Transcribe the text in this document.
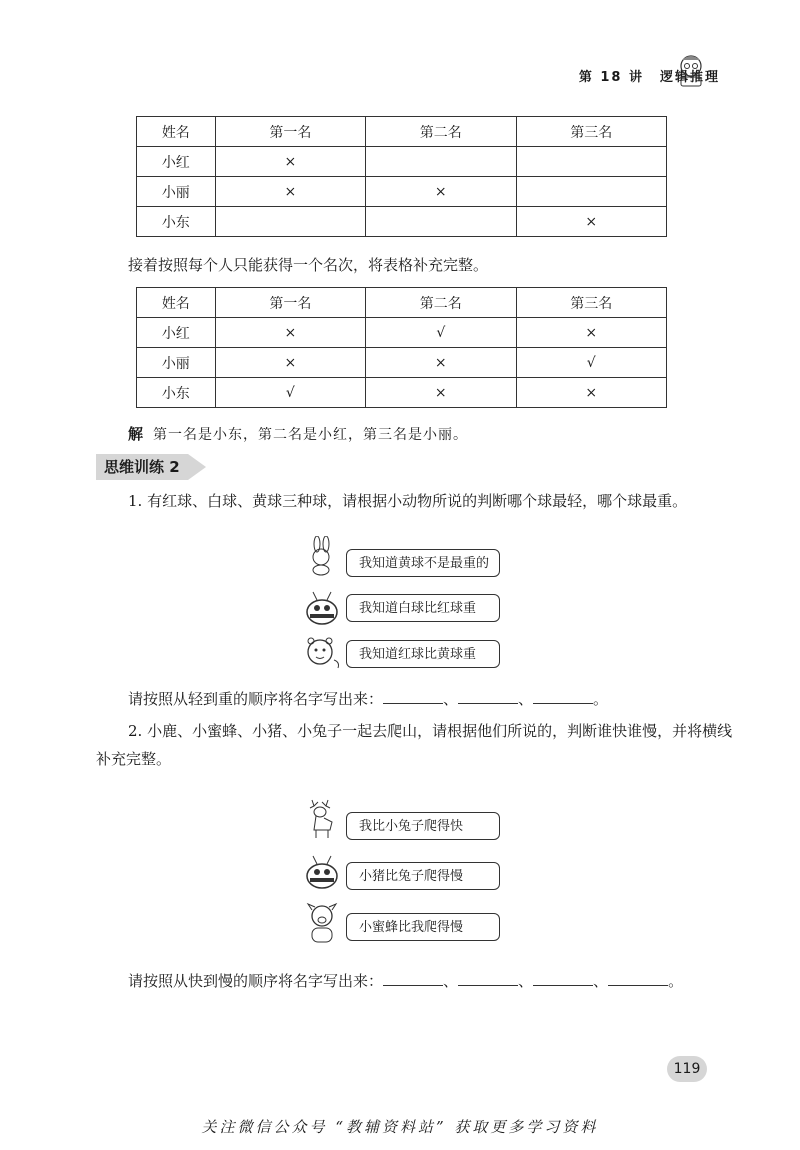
第 18 讲 逻辑推理
姓名	第一名	第二名	第三名
小红	×		
小丽	×	×	
小东			×

接着按照每个人只能获得一个名次，将表格补充完整。

姓名	第一名	第二名	第三名
小红	×	√	×
小丽	×	×	√
小东	√	×	×

解 第一名是小东，第二名是小红，第三名是小丽。

思维训练 2

1. 有红球、白球、黄球三种球，请根据小动物所说的判断哪个球最轻，哪个球最重。

我知道黄球不是最重的
我知道白球比红球重
我知道红球比黄球重

请按照从轻到重的顺序将名字写出来：	、	、	。

2. 小鹿、小蜜蜂、小猪、小兔子一起去爬山，请根据他们所说的，判断谁快谁慢，并将横线

补充完整。

我比小兔子爬得快
小猪比兔子爬得慢
小蜜蜂比我爬得慢

请按照从快到慢的顺序将名字写出来：	、	、	、	。

119
关注微信公众号 “教辅资料站” 获取更多学习资料
